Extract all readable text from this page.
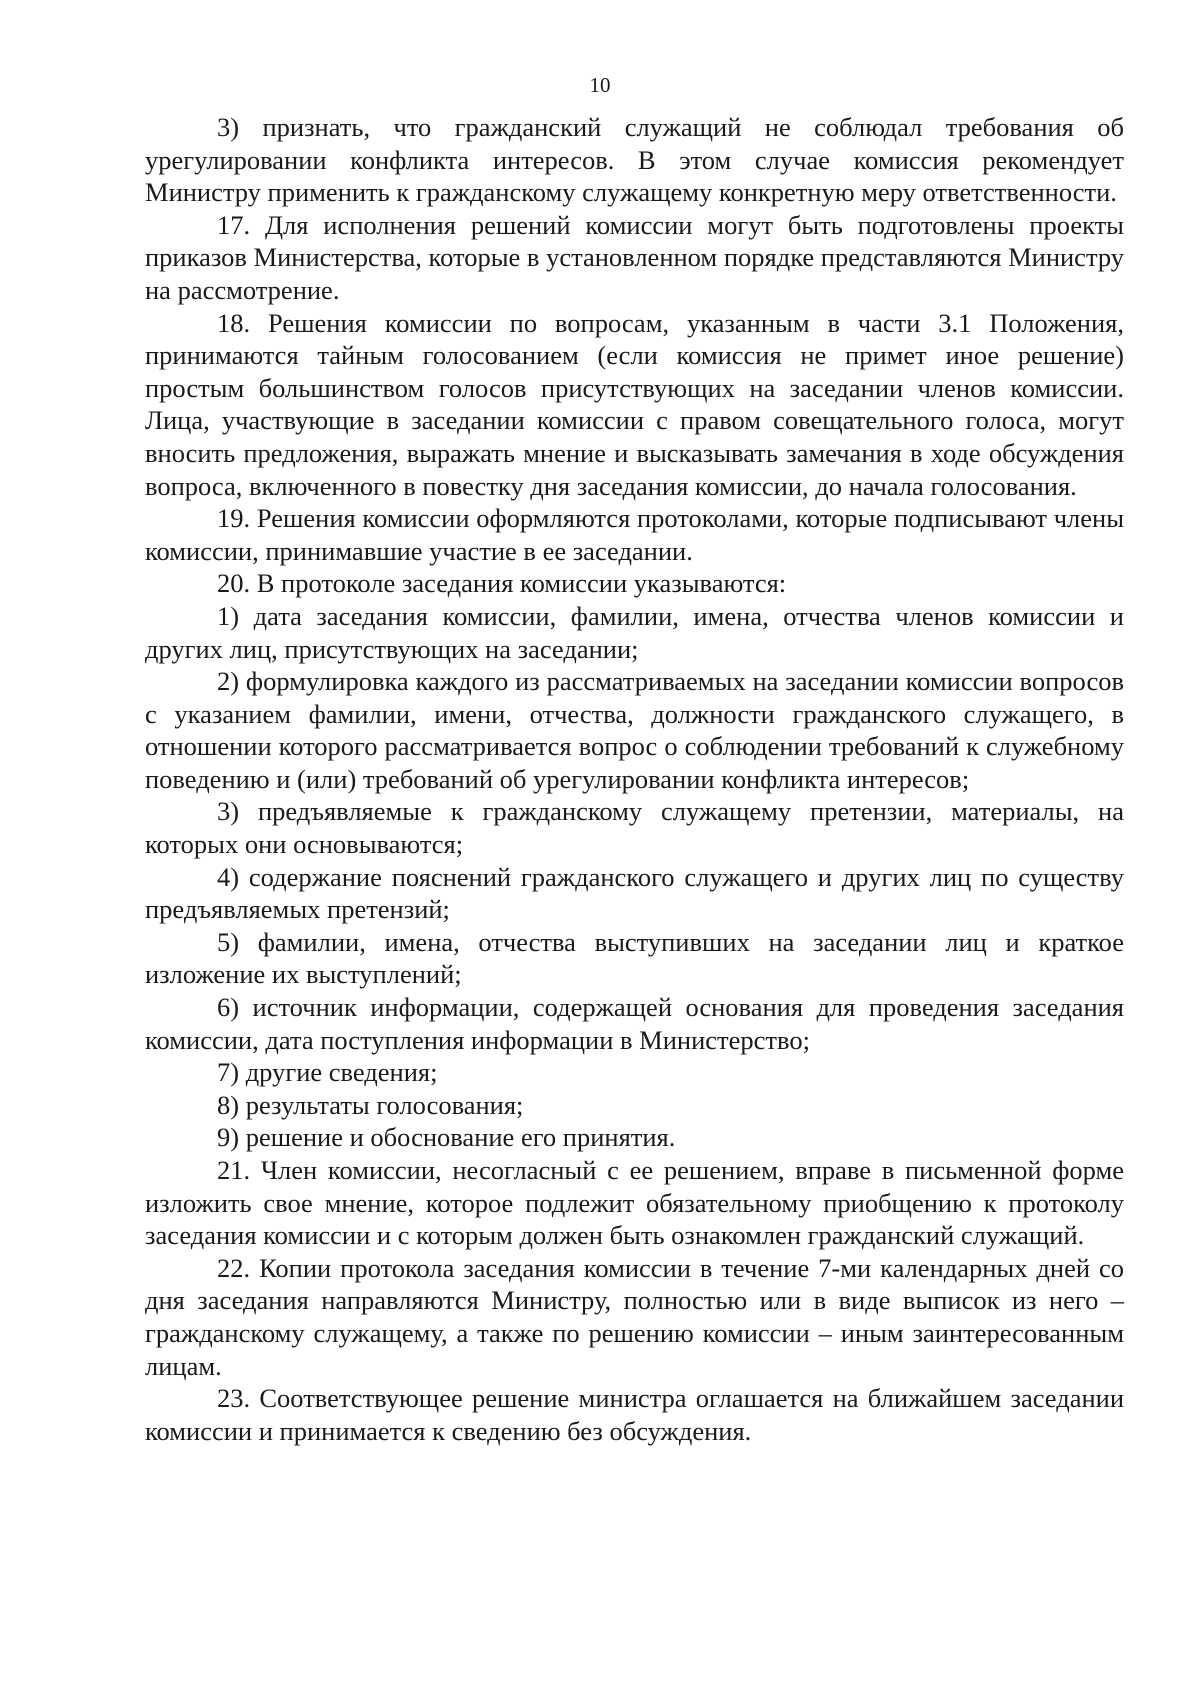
10

3) признать, что гражданский служащий не соблюдал требования об урегулировании конфликта интересов. В этом случае комиссия рекомендует Министру применить к гражданскому служащему конкретную меру ответственности.

17. Для исполнения решений комиссии могут быть подготовлены проекты приказов Министерства, которые в установленном порядке представляются Министру на рассмотрение.

18. Решения комиссии по вопросам, указанным в части 3.1 Положения, принимаются тайным голосованием (если комиссия не примет иное решение) простым большинством голосов присутствующих на заседании членов комиссии. Лица, участвующие в заседании комиссии с правом совещательного голоса, могут вносить предложения, выражать мнение и высказывать замечания в ходе обсуждения вопроса, включенного в повестку дня заседания комиссии, до начала голосования.

19. Решения комиссии оформляются протоколами, которые подписывают члены комиссии, принимавшие участие в ее заседании.

20. В протоколе заседания комиссии указываются:

1) дата заседания комиссии, фамилии, имена, отчества членов комиссии и других лиц, присутствующих на заседании;

2) формулировка каждого из рассматриваемых на заседании комиссии вопросов с указанием фамилии, имени, отчества, должности гражданского служащего, в отношении которого рассматривается вопрос о соблюдении требований к служебному поведению и (или) требований об урегулировании конфликта интересов;

3) предъявляемые к гражданскому служащему претензии, материалы, на которых они основываются;

4) содержание пояснений гражданского служащего и других лиц по существу предъявляемых претензий;

5) фамилии, имена, отчества выступивших на заседании лиц и краткое изложение их выступлений;

6) источник информации, содержащей основания для проведения заседания комиссии, дата поступления информации в Министерство;

7) другие сведения;

8) результаты голосования;

9) решение и обоснование его принятия.

21. Член комиссии, несогласный с ее решением, вправе в письменной форме изложить свое мнение, которое подлежит обязательному приобщению к протоколу заседания комиссии и с которым должен быть ознакомлен гражданский служащий.

22. Копии протокола заседания комиссии в течение 7-ми календарных дней со дня заседания направляются Министру, полностью или в виде выписок из него – гражданскому служащему, а также по решению комиссии – иным заинтересованным лицам.

23. Соответствующее решение министра оглашается на ближайшем заседании комиссии и принимается к сведению без обсуждения.
